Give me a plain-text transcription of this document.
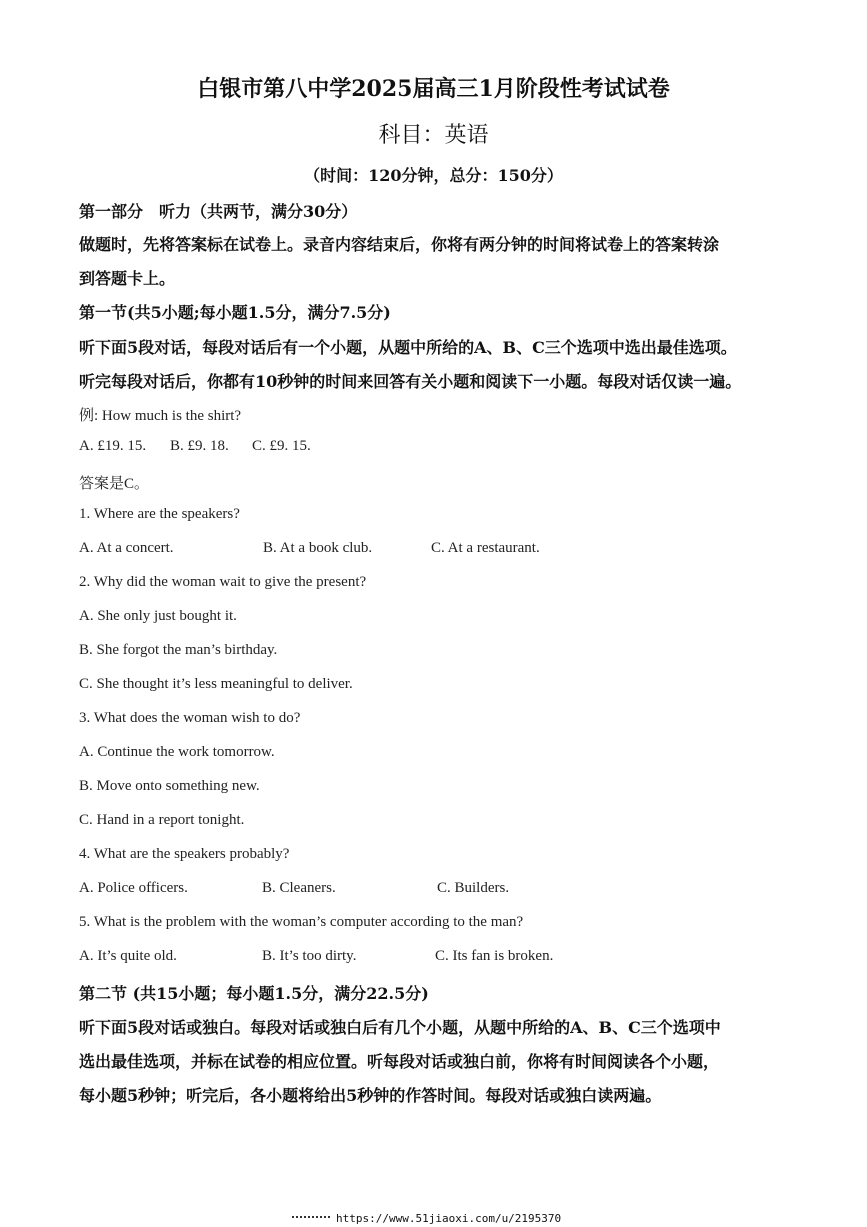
白银市第八中学2025届高三1月阶段性考试试卷
科目：英语
（时间：120分钟，总分：150分）
第一部分　听力（共两节，满分30分）
做题时，先将答案标在试卷上。录音内容结束后，你将有两分钟的时间将试卷上的答案转涂
到答题卡上。
第一节(共5小题;每小题1.5分，满分7.5分)
听下面5段对话，每段对话后有一个小题，从题中所给的A、B、C三个选项中选出最佳选项。
听完每段对话后，你都有10秒钟的时间来回答有关小题和阅读下一小题。每段对话仅读一遍。
例: How much is the shirt?
A. £19. 15. B. £9. 18. C. £9. 15.
答案是C。
1. Where are the speakers?
A. At a concert.	B. At a book club.	C. At a restaurant.
2. Why did the woman wait to give the present?
A. She only just bought it.
B. She forgot the man’s birthday.
C. She thought it’s less meaningful to deliver.
3. What does the woman wish to do?
A. Continue the work tomorrow.
B. Move onto something new.
C. Hand in a report tonight.
4. What are the speakers probably?
A. Police officers.	B. Cleaners.	C. Builders.
5. What is the problem with the woman’s computer according to the man?
A. It’s quite old.	B. It’s too dirty.	C. Its fan is broken.
第二节 (共15小题；每小题1.5分，满分22.5分)
听下面5段对话或独白。每段对话或独白后有几个小题，从题中所给的A、B、C三个选项中
选出最佳选项，并标在试卷的相应位置。听每段对话或独白前，你将有时间阅读各个小题，
每小题5秒钟；听完后，各小题将给出5秒钟的作答时间。每段对话或独白读两遍。
https://www.51jiaoxi.com/u/2195370
